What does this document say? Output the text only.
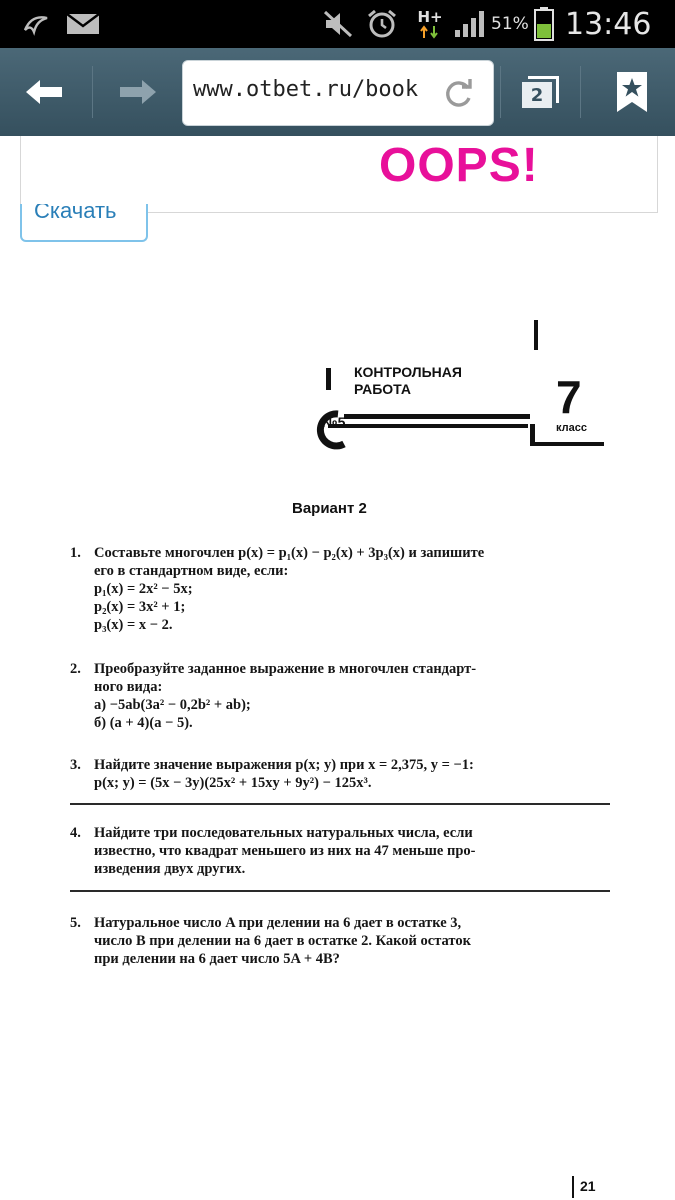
H+	51% 13:46
www.otbet.ru/book	2
OOPS!
Скачать
КОНТРОЛЬНАЯ
РАБОТА
№5	7
класс
Вариант 2
1. Составьте многочлен p(x) = p₁(x) − p₂(x) + 3p₃(x) и запишите
его в стандартном виде, если:
p₁(x) = 2x² − 5x;
p₂(x) = 3x² + 1;
p₃(x) = x − 2.
2. Преобразуйте заданное выражение в многочлен стандарт-
ного вида:
а) −5ab(3a² − 0,2b² + ab);
б) (a + 4)(a − 5).
3. Найдите значение выражения p(x; y) при x = 2,375, y = −1:
p(x; y) = (5x − 3y)(25x² + 15xy + 9y²) − 125x³.
4. Найдите три последовательных натуральных числа, если
известно, что квадрат меньшего из них на 47 меньше про-
изведения двух других.
5. Натуральное число A при делении на 6 дает в остатке 3,
число B при делении на 6 дает в остатке 2. Какой остаток
при делении на 6 дает число 5A + 4B?
21
